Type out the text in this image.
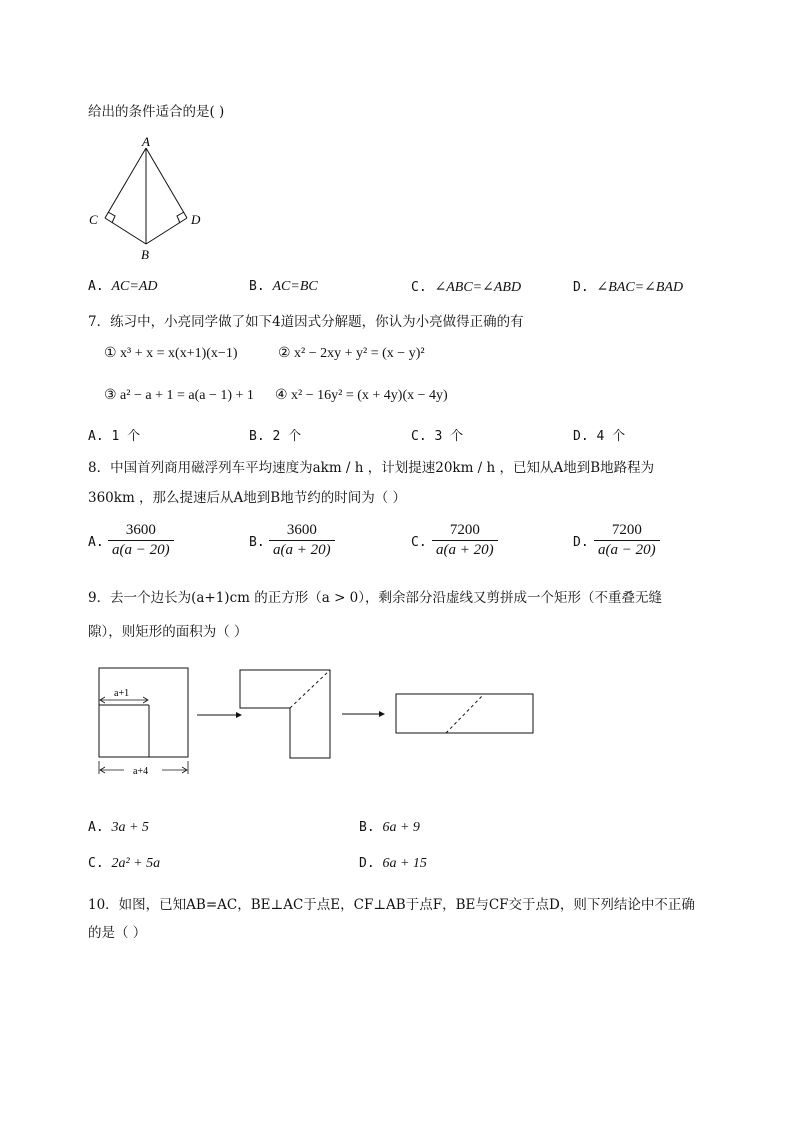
给出的条件适合的是( )
A
B
C	D
A. AC=AD	B. AC=BC	C. ∠ABC=∠ABD	D. ∠BAC=∠BAD
7．练习中，小亮同学做了如下4道因式分解题，你认为小亮做得正确的有
① x³ + x = x(x+1)(x−1)	② x² − 2xy + y² = (x − y)²
③ a² − a + 1 = a(a − 1) + 1 ④ x² − 16y² = (x + 4y)(x − 4y)
A. 1 个	B. 2 个	C. 3 个	D. 4 个
8．中国首列商用磁浮列车平均速度为akm / h ，计划提速20km / h ，已知从A地到B地路程为
360km ，那么提速后从A地到B地节约的时间为（ ）
A.
3600
a(a − 20)	B.
3600
a(a + 20)	C.
7200
a(a + 20)	D.
7200
a(a − 20)
9．去一个边长为(a+1)cm 的正方形（a > 0），剩余部分沿虚线又剪拼成一个矩形（不重叠无缝
隙），则矩形的面积为（ ）
a+1
a+4
A. 3a + 5	B. 6a + 9
C. 2a² + 5a	D. 6a + 15
10．如图，已知AB=AC，BE⊥AC于点E，CF⊥AB于点F，BE与CF交于点D，则下列结论中不正确
的是（ ）
